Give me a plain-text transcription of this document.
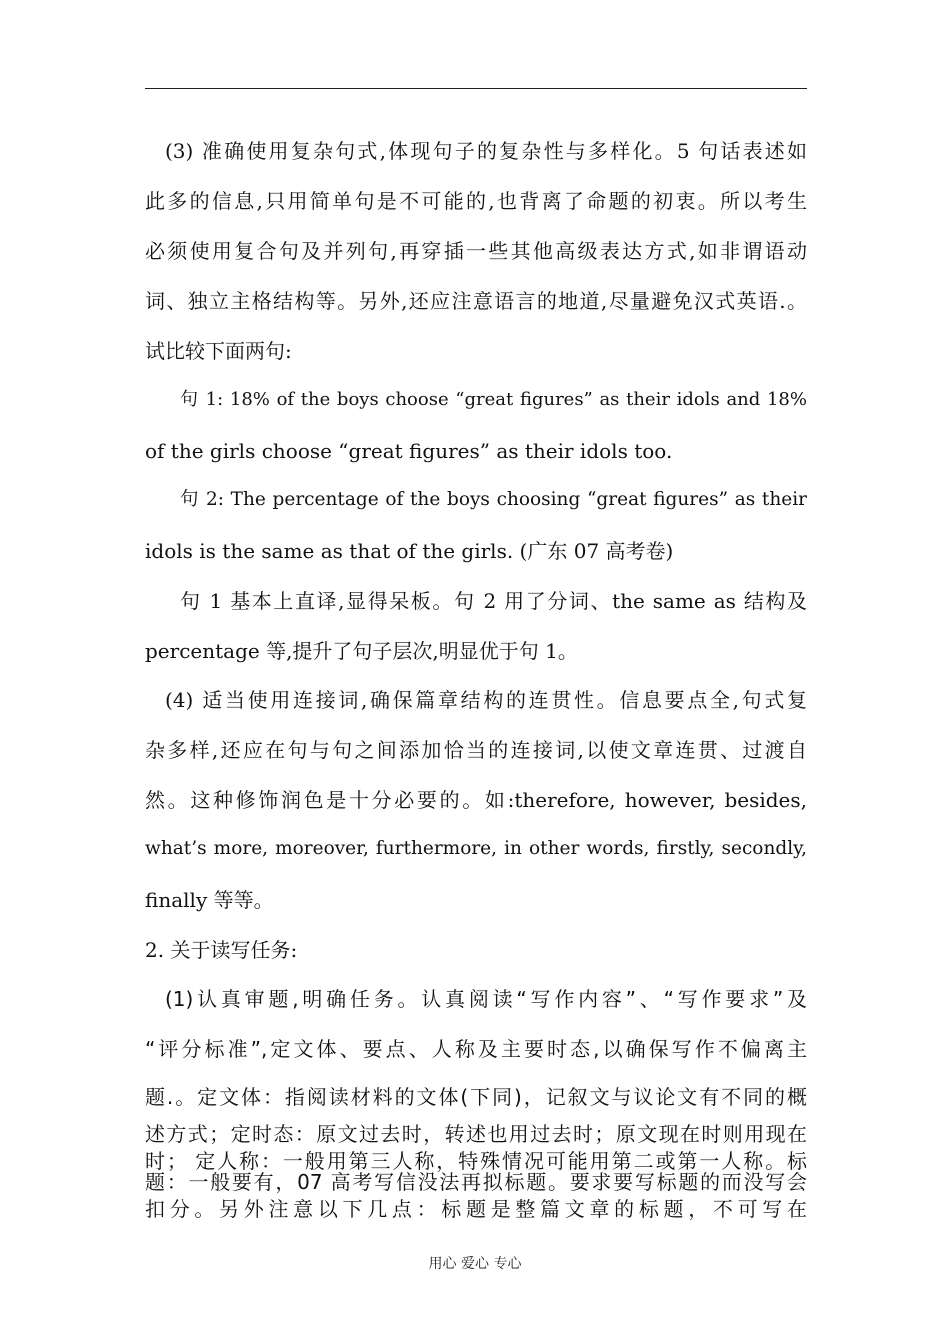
(3) 准确使用复杂句式,体现句子的复杂性与多样化。5 句话表述如
此多的信息,只用简单句是不可能的,也背离了命题的初衷。所以考生
必须使用复合句及并列句,再穿插一些其他高级表达方式,如非谓语动
词、独立主格结构等。另外,还应注意语言的地道,尽量避免汉式英语.。
试比较下面两句:
句 1: 18% of the boys choose “great figures” as their idols and 18%
of the girls choose “great figures” as their idols too.
句 2: The percentage of the boys choosing “great figures” as their
idols is the same as that of the girls. (广东 07 高考卷)
句 1 基本上直译,显得呆板。句 2 用了分词、the same as 结构及
percentage 等,提升了句子层次,明显优于句 1。
(4) 适当使用连接词,确保篇章结构的连贯性。信息要点全,句式复
杂多样,还应在句与句之间添加恰当的连接词,以使文章连贯、过渡自
然。这种修饰润色是十分必要的。如:therefore, however, besides,
what’s more, moreover, furthermore, in other words, firstly, secondly,
finally 等等。
2. 关于读写任务:
(1)认真审题,明确任务。认真阅读“写作内容”、“写作要求”及
“评分标准”,定文体、要点、人称及主要时态,以确保写作不偏离主
题.。定文体：指阅读材料的文体(下同)，记叙文与议论文有不同的概
述方式；定时态：原文过去时，转述也用过去时；原文现在时则用现在
时； 定人称：一般用第三人称，特殊情况可能用第二或第一人称。标
题：一般要有，07 高考写信没法再拟标题。要求要写标题的而没写会
扣分。另外注意以下几点：标题是整篇文章的标题，不可写在
用心 爱心 专心
